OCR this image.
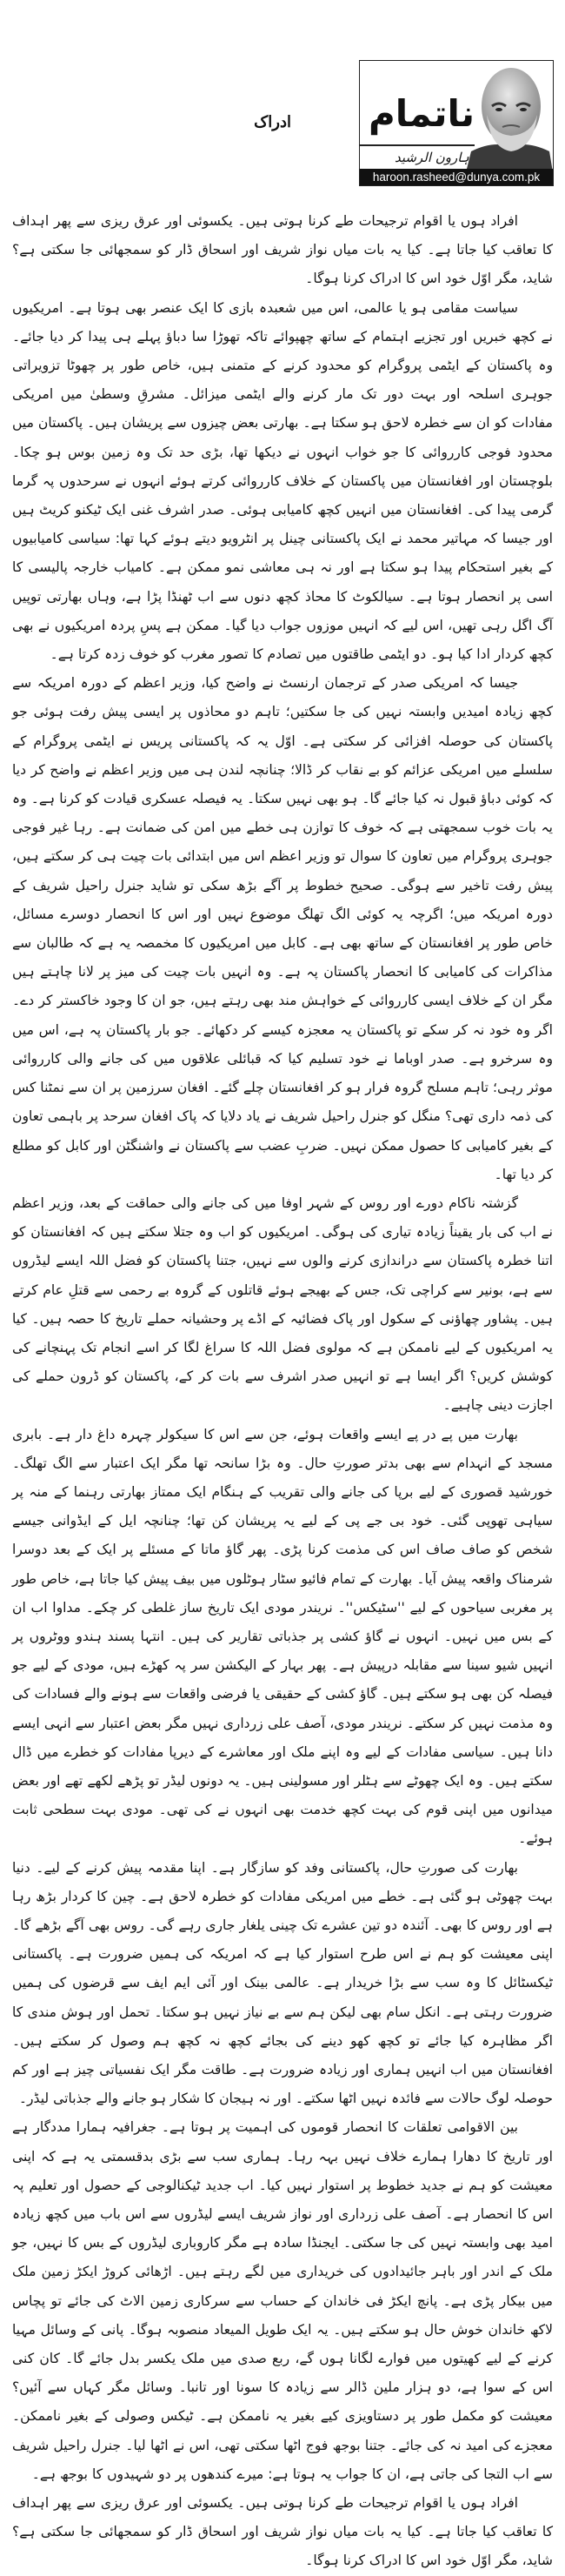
ناتمام
ہارون الرشید
haroon.rasheed@dunya.com.pk
ادراک

افراد ہوں یا اقوام ترجیحات طے کرنا ہوتی ہیں۔ یکسوئی اور عرق ریزی سے پھر اہداف کا تعاقب کیا جاتا ہے۔ کیا یہ بات میاں نواز شریف اور اسحاق ڈار کو سمجھائی جا سکتی ہے؟ شاید، مگر اوّل خود اس کا ادراک کرنا ہوگا۔

سیاست مقامی ہو یا عالمی، اس میں شعبدہ بازی کا ایک عنصر بھی ہوتا ہے۔ امریکیوں نے کچھ خبریں اور تجزیے اہتمام کے ساتھ چھپوائے تاکہ تھوڑا سا دباؤ پہلے ہی پیدا کر دیا جائے۔ وہ پاکستان کے ایٹمی پروگرام کو محدود کرنے کے متمنی ہیں، خاص طور پر چھوٹا تزویراتی جوہری اسلحہ اور بہت دور تک مار کرنے والے ایٹمی میزائل۔ مشرقِ وسطیٰ میں امریکی مفادات کو ان سے خطرہ لاحق ہو سکتا ہے۔ بھارتی بعض چیزوں سے پریشان ہیں۔ پاکستان میں محدود فوجی کارروائی کا جو خواب انہوں نے دیکھا تھا، بڑی حد تک وہ زمین بوس ہو چکا۔ بلوچستان اور افغانستان میں پاکستان کے خلاف کارروائی کرتے ہوئے انہوں نے سرحدوں پہ گرما گرمی پیدا کی۔ افغانستان میں انہیں کچھ کامیابی ہوئی۔ صدر اشرف غنی ایک ٹیکنو کریٹ ہیں اور جیسا کہ مہاتیر محمد نے ایک پاکستانی چینل پر انٹرویو دیتے ہوئے کہا تھا: سیاسی کامیابیوں کے بغیر استحکام پیدا ہو سکتا ہے اور نہ ہی معاشی نمو ممکن ہے۔ کامیاب خارجہ پالیسی کا اسی پر انحصار ہوتا ہے۔ سیالکوٹ کا محاذ کچھ دنوں سے اب ٹھنڈا پڑا ہے، وہاں بھارتی توپیں آگ اگل رہی تھیں، اس لیے کہ انہیں موزوں جواب دیا گیا۔ ممکن ہے پسِ پردہ امریکیوں نے بھی کچھ کردار ادا کیا ہو۔ دو ایٹمی طاقتوں میں تصادم کا تصور مغرب کو خوف زدہ کرتا ہے۔

جیسا کہ امریکی صدر کے ترجمان ارنسٹ نے واضح کیا، وزیر اعظم کے دورہ امریکہ سے کچھ زیادہ امیدیں وابستہ نہیں کی جا سکتیں؛ تاہم دو محاذوں پر ایسی پیش رفت ہوئی جو پاکستان کی حوصلہ افزائی کر سکتی ہے۔ اوّل یہ کہ پاکستانی پریس نے ایٹمی پروگرام کے سلسلے میں امریکی عزائم کو بے نقاب کر ڈالا؛ چنانچہ لندن ہی میں وزیر اعظم نے واضح کر دیا کہ کوئی دباؤ قبول نہ کیا جائے گا۔ ہو بھی نہیں سکتا۔ یہ فیصلہ عسکری قیادت کو کرنا ہے۔ وہ یہ بات خوب سمجھتی ہے کہ خوف کا توازن ہی خطے میں امن کی ضمانت ہے۔ رہا غیر فوجی جوہری پروگرام میں تعاون کا سوال تو وزیر اعظم اس میں ابتدائی بات چیت ہی کر سکتے ہیں، پیش رفت تاخیر سے ہوگی۔ صحیح خطوط پر آگے بڑھ سکی تو شاید جنرل راحیل شریف کے دورہ امریکہ میں؛ اگرچہ یہ کوئی الگ تھلگ موضوع نہیں اور اس کا انحصار دوسرے مسائل، خاص طور پر افغانستان کے ساتھ بھی ہے۔ کابل میں امریکیوں کا مخمصہ یہ ہے کہ طالبان سے مذاکرات کی کامیابی کا انحصار پاکستان پہ ہے۔ وہ انہیں بات چیت کی میز پر لانا چاہتے ہیں مگر ان کے خلاف ایسی کارروائی کے خواہش مند بھی رہتے ہیں، جو ان کا وجود خاکستر کر دے۔ اگر وہ خود نہ کر سکے تو پاکستان یہ معجزہ کیسے کر دکھائے۔ جو بار پاکستان پہ ہے، اس میں وہ سرخرو ہے۔ صدر اوباما نے خود تسلیم کیا کہ قبائلی علاقوں میں کی جانے والی کارروائی موثر رہی؛ تاہم مسلح گروہ فرار ہو کر افغانستان چلے گئے۔ افغان سرزمین پر ان سے نمٹنا کس کی ذمہ داری تھی؟ منگل کو جنرل راحیل شریف نے یاد دلایا کہ پاک افغان سرحد پر باہمی تعاون کے بغیر کامیابی کا حصول ممکن نہیں۔ ضربِ عضب سے پاکستان نے واشنگٹن اور کابل کو مطلع کر دیا تھا۔

گزشتہ ناکام دورے اور روس کے شہر اوفا میں کی جانے والی حماقت کے بعد، وزیر اعظم نے اب کی بار یقیناً زیادہ تیاری کی ہوگی۔ امریکیوں کو اب وہ جتلا سکتے ہیں کہ افغانستان کو اتنا خطرہ پاکستان سے دراندازی کرنے والوں سے نہیں، جتنا پاکستان کو فضل اللہ ایسے لیڈروں سے ہے، بونیر سے کراچی تک، جس کے بھیجے ہوئے قاتلوں کے گروہ بے رحمی سے قتلِ عام کرتے ہیں۔ پشاور چھاؤنی کے سکول اور پاک فضائیہ کے اڈے پر وحشیانہ حملے تاریخ کا حصہ ہیں۔ کیا یہ امریکیوں کے لیے ناممکن ہے کہ مولوی فضل اللہ کا سراغ لگا کر اسے انجام تک پہنچانے کی کوشش کریں؟ اگر ایسا ہے تو انہیں صدر اشرف سے بات کر کے، پاکستان کو ڈرون حملے کی اجازت دینی چاہیے۔

بھارت میں پے در پے ایسے واقعات ہوئے، جن سے اس کا سیکولر چہرہ داغ دار ہے۔ بابری مسجد کے انہدام سے بھی بدتر صورتِ حال۔ وہ بڑا سانحہ تھا مگر ایک اعتبار سے الگ تھلگ۔ خورشید قصوری کے لیے برپا کی جانے والی تقریب کے ہنگام ایک ممتاز بھارتی رہنما کے منہ پر سیاہی تھوپی گئی۔ خود بی جے پی کے لیے یہ پریشان کن تھا؛ چنانچہ ایل کے ایڈوانی جیسے شخص کو صاف صاف اس کی مذمت کرنا پڑی۔ پھر گاؤ ماتا کے مسئلے پر ایک کے بعد دوسرا شرمناک واقعہ پیش آیا۔ بھارت کے تمام فائیو سٹار ہوٹلوں میں بیف پیش کیا جاتا ہے، خاص طور پر مغربی سیاحوں کے لیے ''سٹیکس''۔ نریندر مودی ایک تاریخ ساز غلطی کر چکے۔ مداوا اب ان کے بس میں نہیں۔ انہوں نے گاؤ کشی پر جذباتی تقاریر کی ہیں۔ انتہا پسند ہندو ووٹروں پر انہیں شیو سینا سے مقابلہ درپیش ہے۔ پھر بہار کے الیکشن سر پہ کھڑے ہیں، مودی کے لیے جو فیصلہ کن بھی ہو سکتے ہیں۔ گاؤ کشی کے حقیقی یا فرضی واقعات سے ہونے والے فسادات کی وہ مذمت نہیں کر سکتے۔ نریندر مودی، آصف علی زرداری نہیں مگر بعض اعتبار سے انہی ایسے دانا ہیں۔ سیاسی مفادات کے لیے وہ اپنے ملک اور معاشرے کے دیرپا مفادات کو خطرے میں ڈال سکتے ہیں۔ وہ ایک چھوٹے سے ہٹلر اور مسولینی ہیں۔ یہ دونوں لیڈر تو پڑھے لکھے تھے اور بعض میدانوں میں اپنی قوم کی بہت کچھ خدمت بھی انہوں نے کی تھی۔ مودی بہت سطحی ثابت ہوئے۔

بھارت کی صورتِ حال، پاکستانی وفد کو سازگار ہے۔ اپنا مقدمہ پیش کرنے کے لیے۔ دنیا بہت چھوٹی ہو گئی ہے۔ خطے میں امریکی مفادات کو خطرہ لاحق ہے۔ چین کا کردار بڑھ رہا ہے اور روس کا بھی۔ آئندہ دو تین عشرے تک چینی یلغار جاری رہے گی۔ روس بھی آگے بڑھے گا۔ اپنی معیشت کو ہم نے اس طرح استوار کیا ہے کہ امریکہ کی ہمیں ضرورت ہے۔ پاکستانی ٹیکسٹائل کا وہ سب سے بڑا خریدار ہے۔ عالمی بینک اور آئی ایم ایف سے قرضوں کی ہمیں ضرورت رہتی ہے۔ انکل سام بھی لیکن ہم سے بے نیاز نہیں ہو سکتا۔ تحمل اور ہوش مندی کا اگر مظاہرہ کیا جائے تو کچھ کھو دینے کی بجائے کچھ نہ کچھ ہم وصول کر سکتے ہیں۔ افغانستان میں اب انہیں ہماری اور زیادہ ضرورت ہے۔ طاقت مگر ایک نفسیاتی چیز ہے اور کم حوصلہ لوگ حالات سے فائدہ نہیں اٹھا سکتے۔ اور نہ ہیجان کا شکار ہو جانے والے جذباتی لیڈر۔

بین الاقوامی تعلقات کا انحصار قوموں کی اہمیت پر ہوتا ہے۔ جغرافیہ ہمارا مددگار ہے اور تاریخ کا دھارا ہمارے خلاف نہیں بہہ رہا۔ ہماری سب سے بڑی بدقسمتی یہ ہے کہ اپنی معیشت کو ہم نے جدید خطوط پر استوار نہیں کیا۔ اب جدید ٹیکنالوجی کے حصول اور تعلیم پہ اس کا انحصار ہے۔ آصف علی زرداری اور نواز شریف ایسے لیڈروں سے اس باب میں کچھ زیادہ امید بھی وابستہ نہیں کی جا سکتی۔ ایجنڈا سادہ ہے مگر کاروباری لیڈروں کے بس کا نہیں، جو ملک کے اندر اور باہر جائیدادوں کی خریداری میں لگے رہتے ہیں۔ اڑھائی کروڑ ایکڑ زمین ملک میں بیکار پڑی ہے۔ پانچ ایکڑ فی خاندان کے حساب سے سرکاری زمین الاٹ کی جائے تو پچاس لاکھ خاندان خوش حال ہو سکتے ہیں۔ یہ ایک طویل المیعاد منصوبہ ہوگا۔ پانی کے وسائل مہیا کرنے کے لیے کھیتوں میں فوارے لگانا ہوں گے، ربع صدی میں ملک یکسر بدل جائے گا۔ کان کنی اس کے سوا ہے، دو ہزار ملین ڈالر سے زیادہ کا سونا اور تانبا۔ وسائل مگر کہاں سے آئیں؟ معیشت کو مکمل طور پر دستاویزی کیے بغیر یہ ناممکن ہے۔ ٹیکس وصولی کے بغیر ناممکن۔ معجزے کی امید نہ کی جائے۔ جتنا بوجھ فوج اٹھا سکتی تھی، اس نے اٹھا لیا۔ جنرل راحیل شریف سے اب التجا کی جاتی ہے، ان کا جواب یہ ہوتا ہے: میرے کندھوں پر دو شہیدوں کا بوجھ ہے۔

افراد ہوں یا اقوام ترجیحات طے کرنا ہوتی ہیں۔ یکسوئی اور عرق ریزی سے پھر اہداف کا تعاقب کیا جاتا ہے۔ کیا یہ بات میاں نواز شریف اور اسحاق ڈار کو سمجھائی جا سکتی ہے؟ شاید، مگر اوّل خود اس کا ادراک کرنا ہوگا۔
